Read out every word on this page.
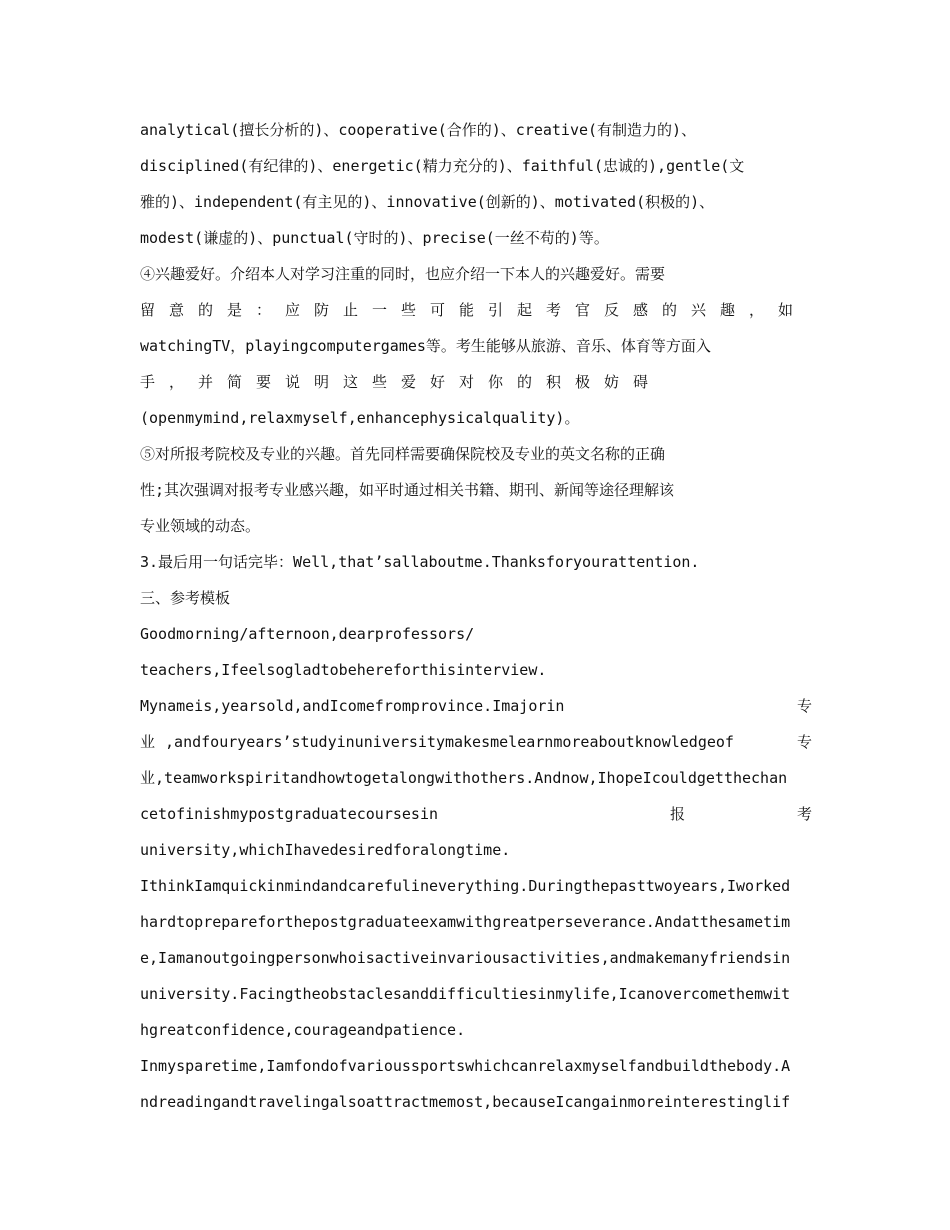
analytical(擅长分析的)、cooperative(合作的)、creative(有制造力的)、
disciplined(有纪律的)、energetic(精力充分的)、faithful(忠诚的),gentle(文
雅的)、independent(有主见的)、innovative(创新的)、motivated(积极的)、
modest(谦虚的)、punctual(守时的)、precise(一丝不苟的)等。
④兴趣爱好。介绍本人对学习注重的同时，也应介绍一下本人的兴趣爱好。需要
留意的是：应防止一些可能引起考官反感的兴趣，如
watchingTV，playingcomputergames等。考生能够从旅游、音乐、体育等方面入
手，并简要说明这些爱好对你的积极妨碍
(openmymind,relaxmyself,enhancephysicalquality)。
⑤对所报考院校及专业的兴趣。首先同样需要确保院校及专业的英文名称的正确
性;其次强调对报考专业感兴趣，如平时通过相关书籍、期刊、新闻等途径理解该
专业领域的动态。
3.最后用一句话完毕：Well,that’sallaboutme.Thanksforyourattention.
三、参考模板
Goodmorning/afternoon,dearprofessors/
teachers,Ifeelsogladtobehereforthisinterview.
Mynameis,yearsold,andIcomefromprovince.Imajorin	专
业 ,andfouryears’studyinuniversitymakesmelearnmoreaboutknowledgeof	专
业,teamworkspiritandhowtogetalongwithothers.Andnow,IhopeIcouldgetthechan
cetofinishmypostgraduatecoursesin	报	考
university,whichIhavedesiredforalongtime.
IthinkIamquickinmindandcarefulineverything.Duringthepasttwoyears,Iworked
hardtoprepareforthepostgraduateexamwithgreatperseverance.Andatthesametim
e,Iamanoutgoingpersonwhoisactiveinvariousactivities,andmakemanyfriendsin
university.Facingtheobstaclesanddifficultiesinmylife,Icanovercomethemwit
hgreatconfidence,courageandpatience.
Inmysparetime,Iamfondofvarioussportswhichcanrelaxmyselfandbuildthebody.A
ndreadingandtravelingalsoattractmemost,becauseIcangainmoreinterestinglif
